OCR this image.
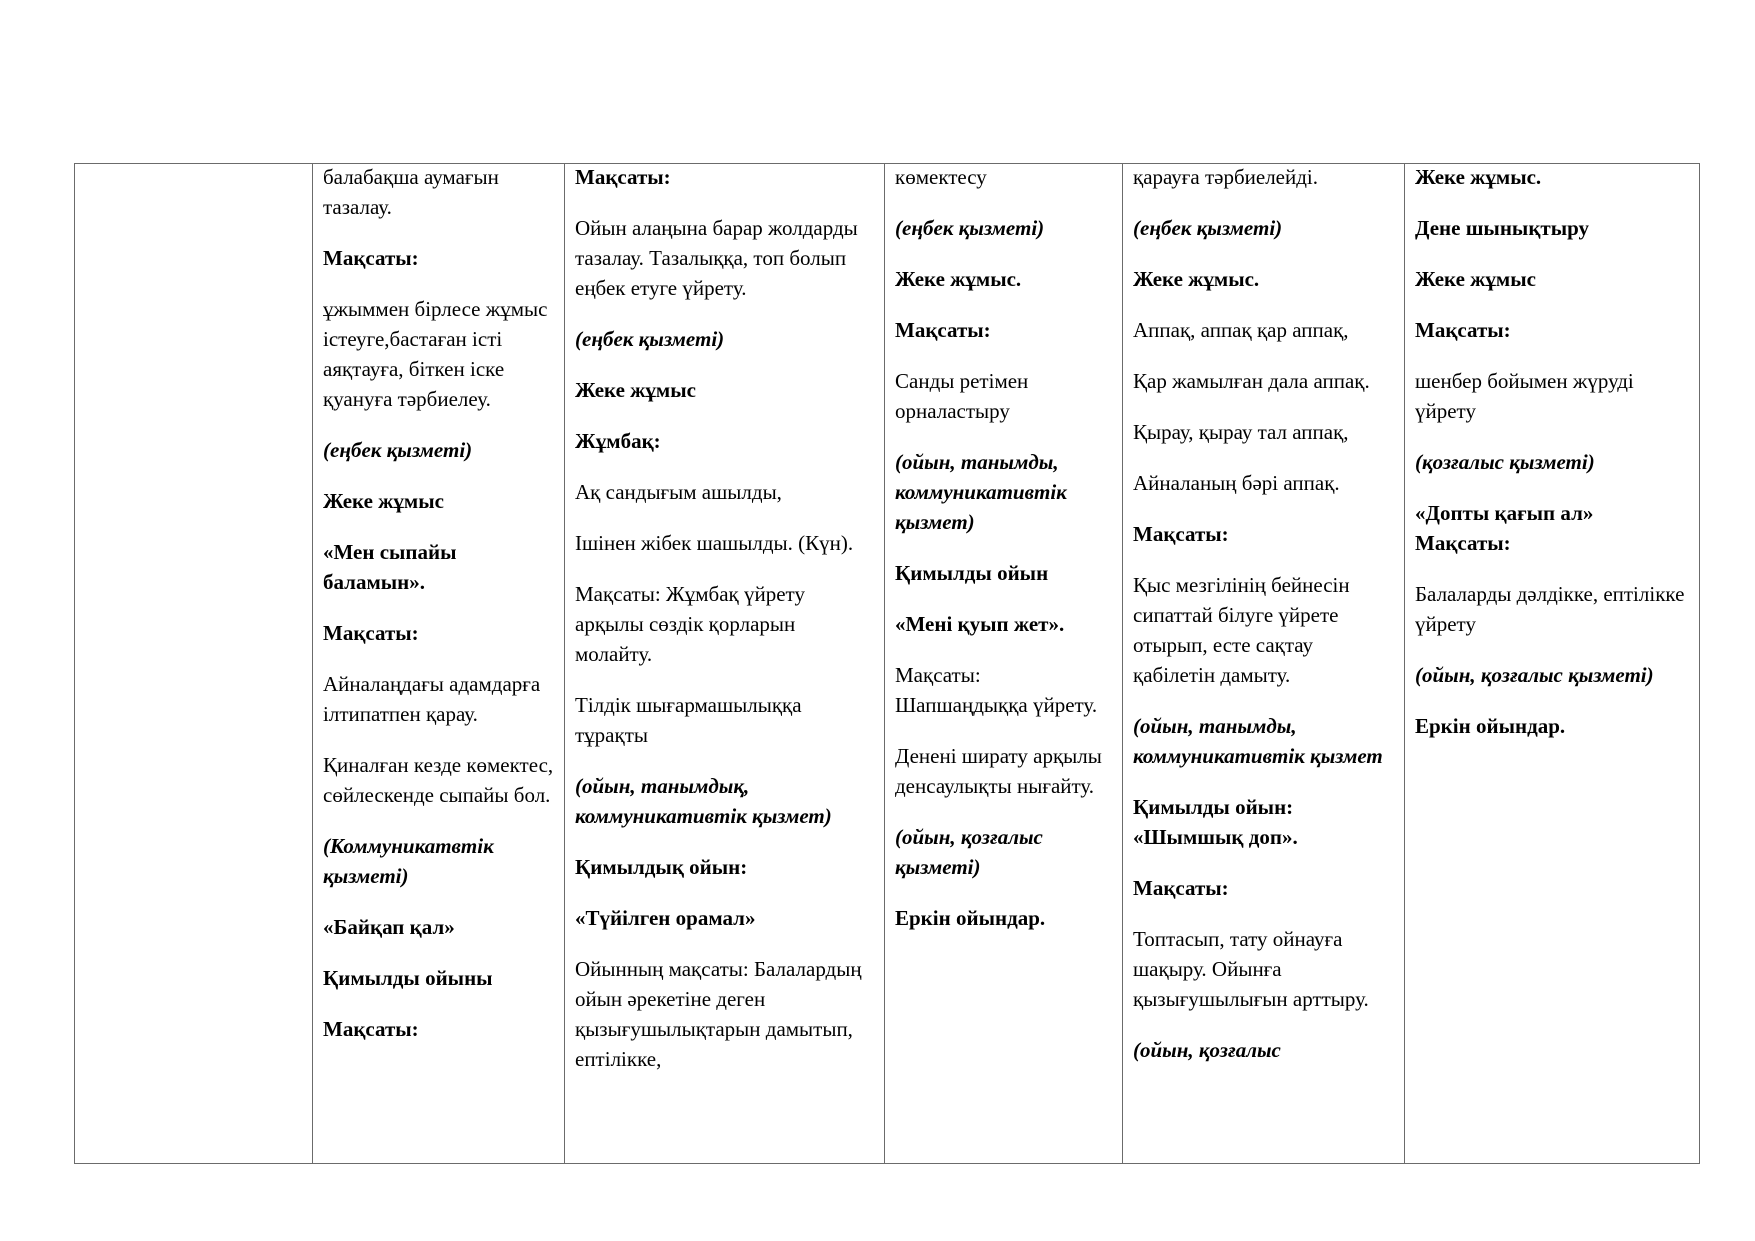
балабақша аумағын тазалау.

Мақсаты:

ұжыммен бірлесе жұмыс істеуге,бастаған істі аяқтауға, біткен іске қуануға тәрбиелеу.

(еңбек қызметі)

Жеке жұмыс

«Мен сыпайы баламын».

Мақсаты:

Айналаңдағы адамдарға ілтипатпен қарау.

Қиналған кезде көмектес, сөйлескенде сыпайы бол.

(Коммуникатвтік қызметі)

«Байқап қал»

Қимылды ойыны

Мақсаты:

Мақсаты:

Ойын алаңына барар жолдарды тазалау. Тазалыққа, топ болып еңбек етуге үйрету.

(еңбек қызметі)

Жеке жұмыс

Жұмбақ:

Ақ сандығым ашылды,

Ішінен жібек шашылды. (Күн).

Мақсаты: Жұмбақ үйрету арқылы сөздік қорларын молайту.

Тілдік шығармашылыққа тұрақты

(ойын, танымдық, коммуникативтік қызмет)

Қимылдық ойын:

«Түйілген орамал»

Ойынның мақсаты: Балалардың ойын әрекетіне деген қызығушылықтарын дамытып, ептілікке,

көмектесу

(еңбек қызметі)

Жеке жұмыс.

Мақсаты:

Санды ретімен орналастыру

(ойын, танымды, коммуникативтік қызмет)

Қимылды ойын

«Мені қуып жет».

Мақсаты: Шапшаңдыққа үйрету.

Денені ширату арқылы денсаулықты нығайту.

(ойын, қозғалыс қызметі)

Еркін ойындар.

қарауға тәрбиелейді.

(еңбек қызметі)

Жеке жұмыс.

Аппақ, аппақ қар аппақ,

Қар жамылған дала аппақ.

Қырау, қырау тал аппақ,

Айналаның бәрі аппақ.

Мақсаты:

Қыс мезгілінің бейнесін сипаттай білуге үйрете отырып, есте сақтау қабілетін дамыту.

(ойын, танымды, коммуникативтік қызмет

Қимылды ойын: «Шымшық доп».

Мақсаты:

Топтасып, тату ойнауға шақыру. Ойынға қызығушылығын арттыру.

(ойын, қозғалыс

Жеке жұмыс.

Дене шынықтыру

Жеке жұмыс

Мақсаты:

шенбер бойымен жүруді үйрету

(қозғалыс қызметі)

«Допты қағып ал» Мақсаты:

Балаларды дәлдікке, ептілікке үйрету

(ойын, қозғалыс қызметі)

Еркін ойындар.
